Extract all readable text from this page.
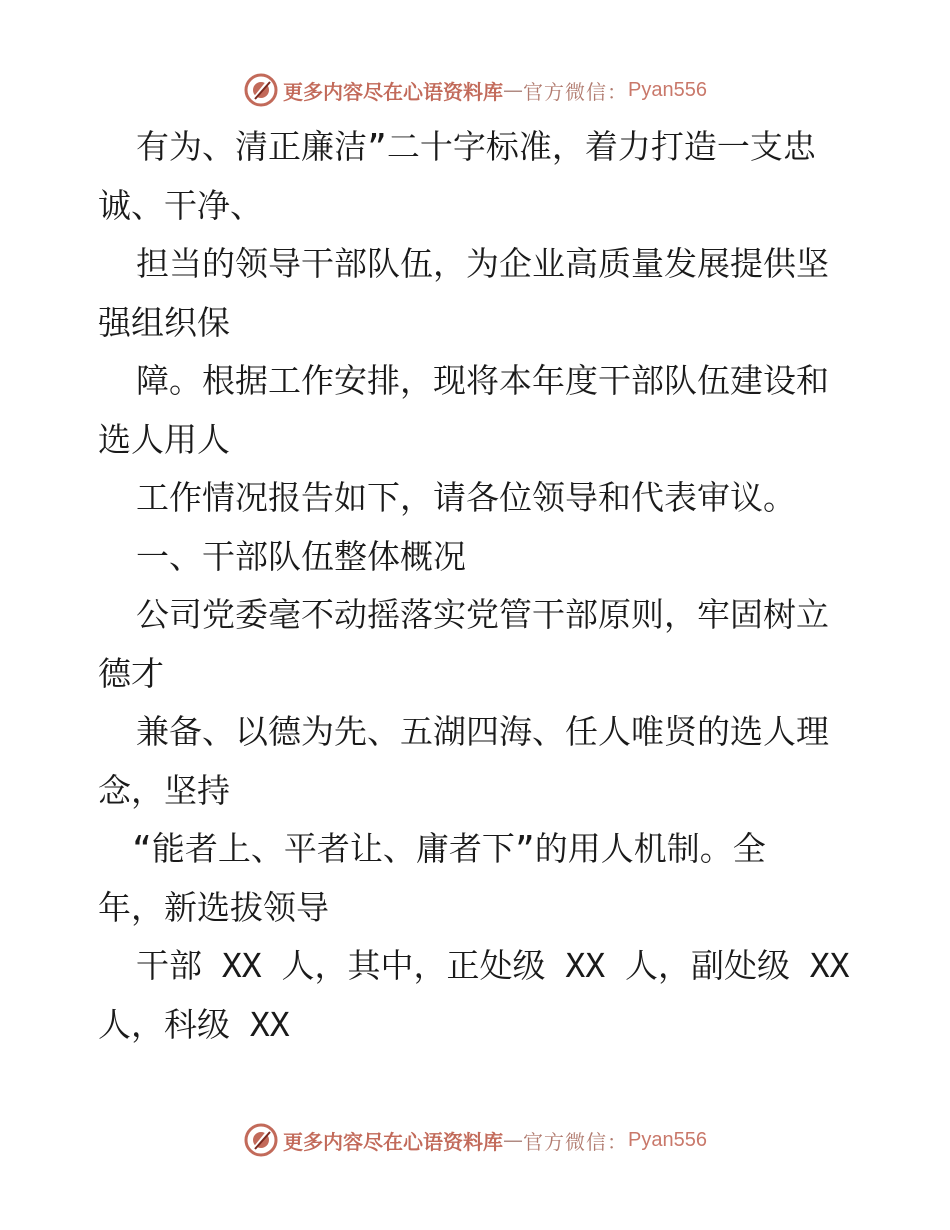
更多内容尽在心语资料库 — 官方微信： Pyan556
有为、清正廉洁”二十字标准，着力打造一支忠
诚、干净、
担当的领导干部队伍，为企业高质量发展提供坚
强组织保
障。根据工作安排，现将本年度干部队伍建设和
选人用人
工作情况报告如下，请各位领导和代表审议。
一、干部队伍整体概况
公司党委毫不动摇落实党管干部原则，牢固树立
德才
兼备、以德为先、五湖四海、任人唯贤的选人理
念，坚持
“能者上、平者让、庸者下”的用人机制。全
年，新选拔领导
干部 XX 人，其中，正处级 XX 人，副处级 XX
人，科级 XX
更多内容尽在心语资料库 — 官方微信： Pyan556
